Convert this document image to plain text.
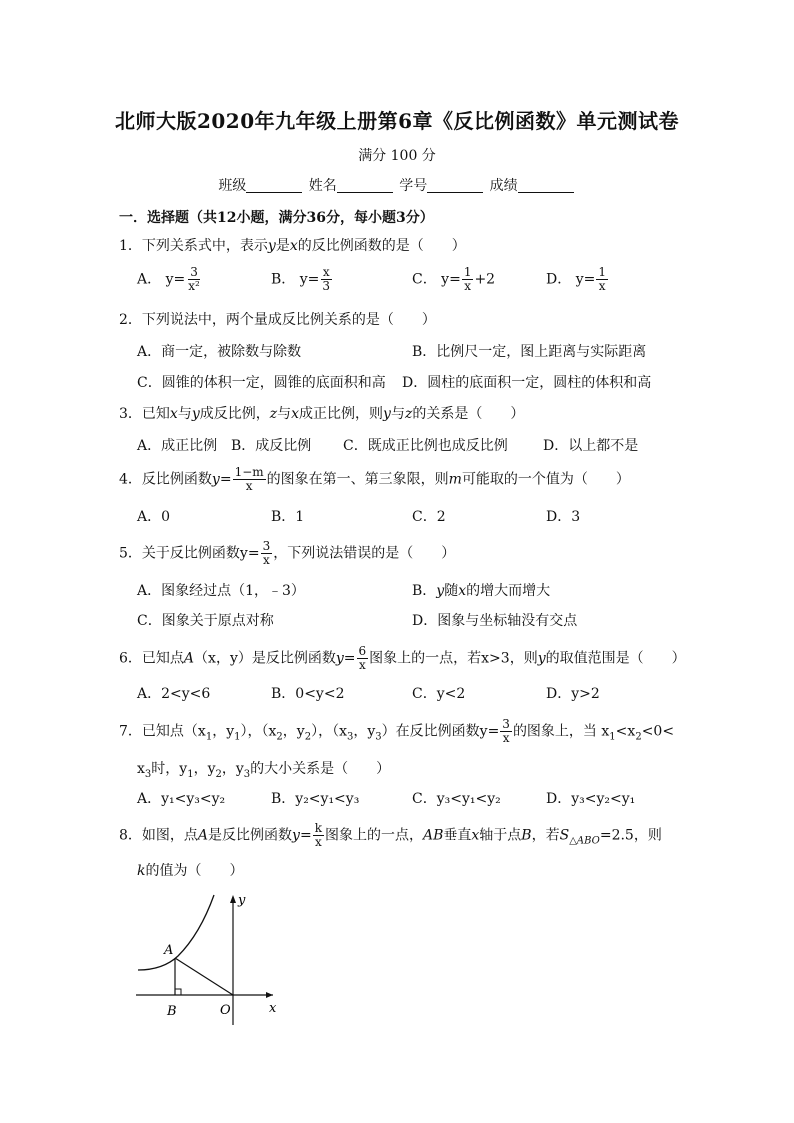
北师大版2020年九年级上册第6章《反比例函数》单元测试卷
满分 100 分
班级	姓名	学号	成绩
一．选择题（共12小题，满分36分，每小题3分）
1．下列关系式中，表示y是x的反比例函数的是（　　）
A． $y= \frac{3}{\text{x²}}$	B． $y= \frac{x}{3}$	C． $y= \frac{1}{x} +2$	D． $y= \frac{1}{x}$
2．下列说法中，两个量成反比例关系的是（　　）
A．商一定，被除数与除数	B．比例尺一定，图上距离与实际距离
C．圆锥的体积一定，圆锥的底面积和高 D．圆柱的底面积一定，圆柱的体积和高
3．已知x与y成反比例，z与x成正比例，则y与z的关系是（　　）
A．成正比例 B．成反比例 C．既成正比例也成反比例	D．以上都不是
4．反比例函数$y= \frac{1-m}{x}$ 的图象在第一、第三象限，则m可能取的一个值为（　　）
A．0	B．1	C．2	D．3
5．关于反比例函数$y= \frac{3}{x}$ ，下列说法错误的是（　　）
A．图象经过点（1，﹣3）	B．y随x的增大而增大
C．图象关于原点对称	D．图象与坐标轴没有交点
6．已知点A（x，y）是反比例函数$y= \frac{6}{x}$ 图象上的一点，若x>3，则y的取值范围是（　　）
A．2<y<6	B．0<y<2	C．y<2	D．y>2
7．已知点（$x_1$，$y_1$），（$x_2$，$y_2$），（$x_3$，$y_3$）在反比例函数$y= \frac{3}{x}$ 的图象上，当 $x_1<x_2<0<$
$x_3$时，$y_1$，$y_2$，$y_3$的大小关系是（　　）
A．y₁<y₃<y₂	B．y₂<y₁<y₃	C．y₃<y₁<y₂	D．y₃<y₂<y₁
8．如图，点A是反比例函数$y= \frac{k}{x}$ 图象上的一点，AB垂直x轴于点B，若$S_{\triangle ABO}=2.5$，则
k的值为（　　）
A
B	O	x
y
